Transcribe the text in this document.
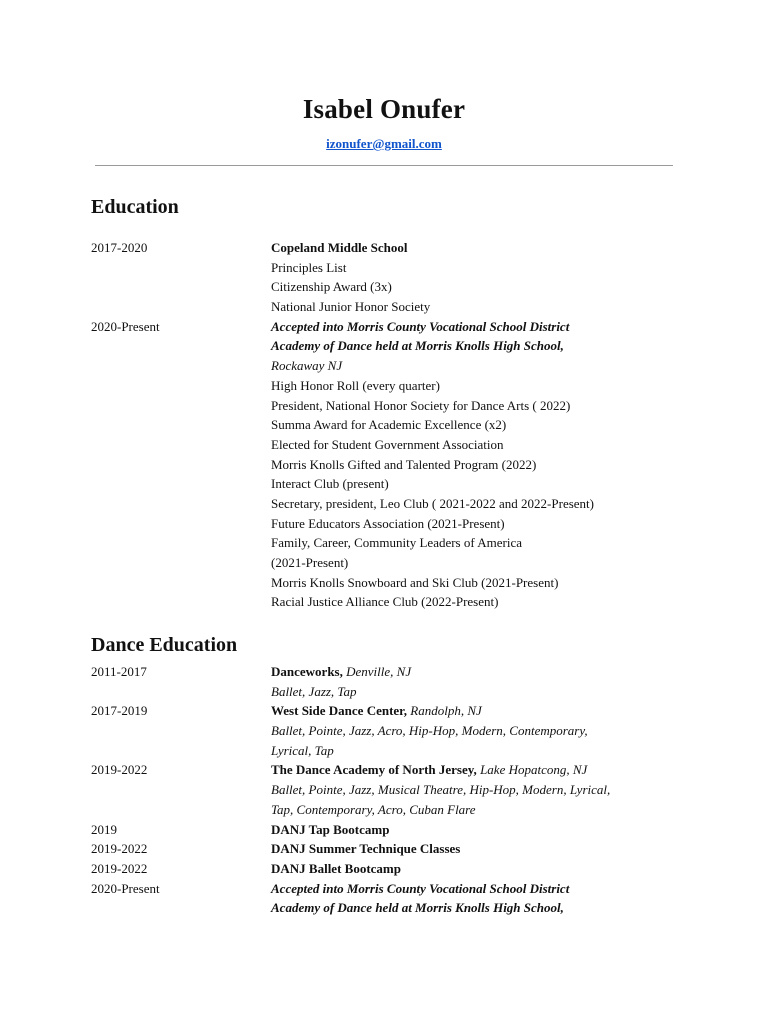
Isabel Onufer
izonufer@gmail.com
Education
2017-2020	Copeland Middle School
Principles List
Citizenship Award (3x)
National Junior Honor Society
2020-Present	Accepted into Morris County Vocational School District
Academy of Dance held at Morris Knolls High School,
Rockaway NJ
High Honor Roll (every quarter)
President, National Honor Society for Dance Arts ( 2022)
Summa Award for Academic Excellence (x2)
Elected for Student Government Association
Morris Knolls Gifted and Talented Program (2022)
Interact Club (present)
Secretary, president, Leo Club ( 2021-2022 and 2022-Present)
Future Educators Association (2021-Present)
Family, Career, Community Leaders of America
(2021-Present)
Morris Knolls Snowboard and Ski Club (2021-Present)
Racial Justice Alliance Club (2022-Present)
Dance Education
2011-2017	Danceworks, Denville, NJ
Ballet, Jazz, Tap
2017-2019	West Side Dance Center, Randolph, NJ
Ballet, Pointe, Jazz, Acro, Hip-Hop, Modern, Contemporary,
Lyrical, Tap
2019-2022	The Dance Academy of North Jersey, Lake Hopatcong, NJ
Ballet, Pointe, Jazz, Musical Theatre, Hip-Hop, Modern, Lyrical,
Tap, Contemporary, Acro, Cuban Flare
2019	DANJ Tap Bootcamp
2019-2022	DANJ Summer Technique Classes
2019-2022	DANJ Ballet Bootcamp
2020-Present	Accepted into Morris County Vocational School District
Academy of Dance held at Morris Knolls High School,
